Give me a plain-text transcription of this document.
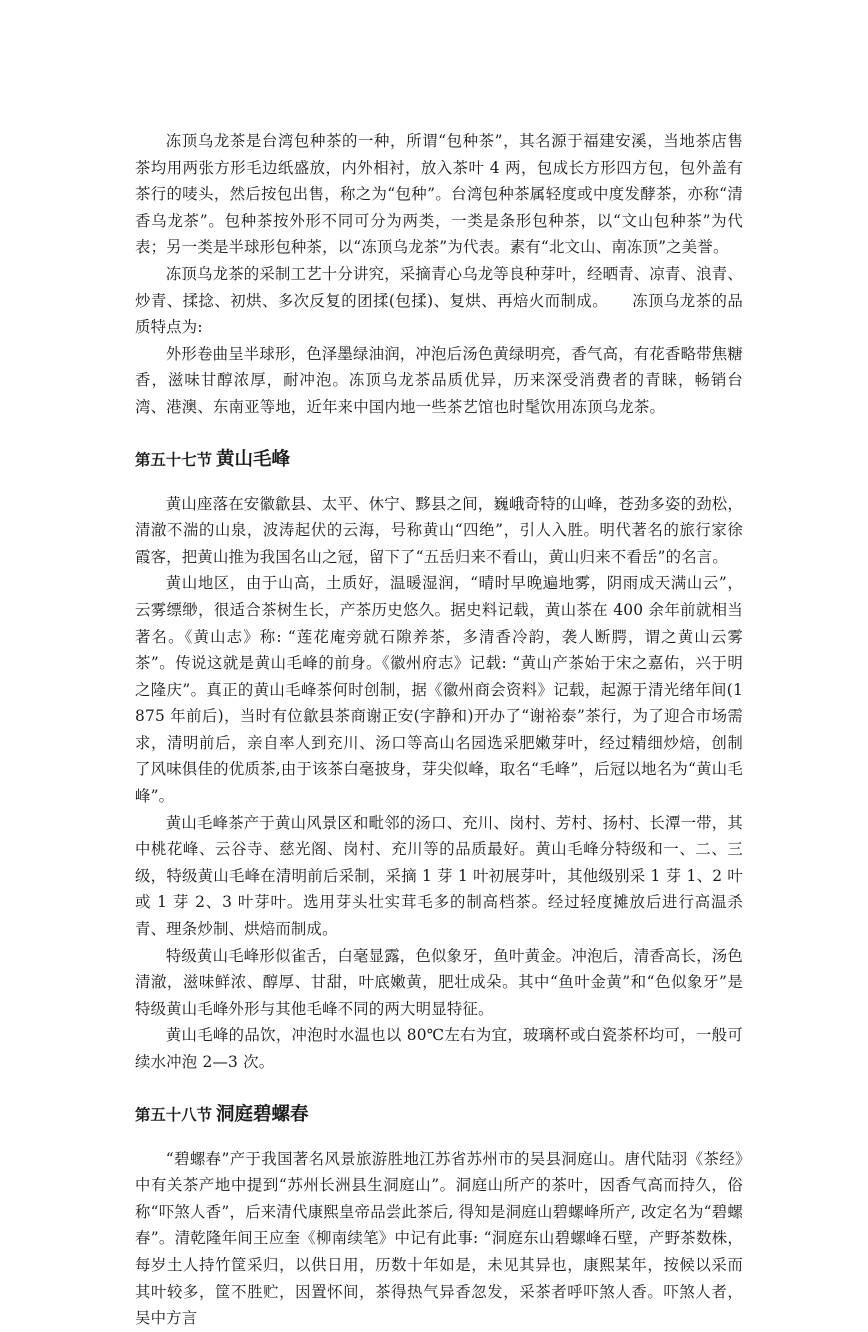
冻顶乌龙茶是台湾包种茶的一种，所谓“包种茶”，其名源于福建安溪，当地茶店售茶均用两张方形毛边纸盛放，内外相衬，放入茶叶 4 两，包成长方形四方包，包外盖有茶行的唛头，然后按包出售，称之为“包种”。台湾包种茶属轻度或中度发酵茶，亦称“清香乌龙茶”。包种茶按外形不同可分为两类，一类是条形包种茶，以“文山包种茶”为代表；另一类是半球形包种茶，以“冻顶乌龙茶”为代表。素有“北文山、南冻顶”之美誉。

冻顶乌龙茶的采制工艺十分讲究，采摘青心乌龙等良种芽叶，经晒青、凉青、浪青、炒青、揉捻、初烘、多次反复的团揉(包揉)、复烘、再焙火而制成。　　冻顶乌龙茶的品质特点为:

外形卷曲呈半球形，色泽墨绿油润，冲泡后汤色黄绿明亮，香气高，有花香略带焦糖香，滋味甘醇浓厚，耐冲泡。冻顶乌龙茶品质优异，历来深受消费者的青睐，畅销台湾、港澳、东南亚等地，近年来中国内地一些茶艺馆也时髦饮用冻顶乌龙茶。

第五十七节 黄山毛峰

黄山座落在安徽歙县、太平、休宁、黟县之间，巍峨奇特的山峰，苍劲多姿的劲松，清澈不湍的山泉，波涛起伏的云海，号称黄山“四绝”，引人入胜。明代著名的旅行家徐霞客，把黄山推为我国名山之冠，留下了“五岳归来不看山，黄山归来不看岳”的名言。

黄山地区，由于山高，土质好，温暖湿润，“晴时早晚遍地雾，阴雨成天满山云”，云雾缥缈，很适合茶树生长，产茶历史悠久。据史料记载，黄山茶在 400 余年前就相当著名。《黄山志》称: “莲花庵旁就石隙养茶，多清香冷韵，袭人断腭，谓之黄山云雾茶”。传说这就是黄山毛峰的前身。《徽州府志》记载: “黄山产茶始于宋之嘉佑，兴于明之隆庆”。真正的黄山毛峰茶何时创制，据《徽州商会资料》记载，起源于清光绪年间(1875 年前后)，当时有位歙县茶商谢正安(字静和)开办了“谢裕泰”茶行，为了迎合市场需求，清明前后，亲自率人到充川、汤口等高山名园选采肥嫩芽叶，经过精细炒焙，创制了风味俱佳的优质茶,由于该茶白毫披身，芽尖似峰，取名“毛峰”，后冠以地名为“黄山毛峰”。

黄山毛峰茶产于黄山风景区和毗邻的汤口、充川、岗村、芳村、扬村、长潭一带，其中桃花峰、云谷寺、慈光阁、岗村、充川等的品质最好。黄山毛峰分特级和一、二、三级，特级黄山毛峰在清明前后采制，采摘 1 芽 1 叶初展芽叶，其他级别采 1 芽 1、2 叶或 1 芽 2、3 叶芽叶。选用芽头壮实茸毛多的制高档茶。经过轻度摊放后进行高温杀青、理条炒制、烘焙而制成。

特级黄山毛峰形似雀舌，白毫显露，色似象牙，鱼叶黄金。冲泡后，清香高长，汤色清澈，滋味鲜浓、醇厚、甘甜，叶底嫩黄，肥壮成朵。其中“鱼叶金黄”和“色似象牙”是特级黄山毛峰外形与其他毛峰不同的两大明显特征。

黄山毛峰的品饮，冲泡时水温也以 80℃左右为宜，玻璃杯或白瓷茶杯均可，一般可续水冲泡 2—3 次。

第五十八节 洞庭碧螺春

“碧螺春”产于我国著名风景旅游胜地江苏省苏州市的吴县洞庭山。唐代陆羽《茶经》中有关茶产地中提到“苏州长洲县生洞庭山”。洞庭山所产的茶叶，因香气高而持久，俗称“吓煞人香”，后来清代康熙皇帝品尝此茶后, 得知是洞庭山碧螺峰所产, 改定名为“碧螺春”。清乾隆年间王应奎《柳南续笔》中记有此事: “洞庭东山碧螺峰石壁，产野茶数株，每岁土人持竹筐采归，以供日用，历数十年如是，未见其异也，康熙某年，按候以采而其叶较多，筐不胜贮，因置怀间，茶得热气异香忽发，采茶者呼吓煞人香。吓煞人者，吴中方言
